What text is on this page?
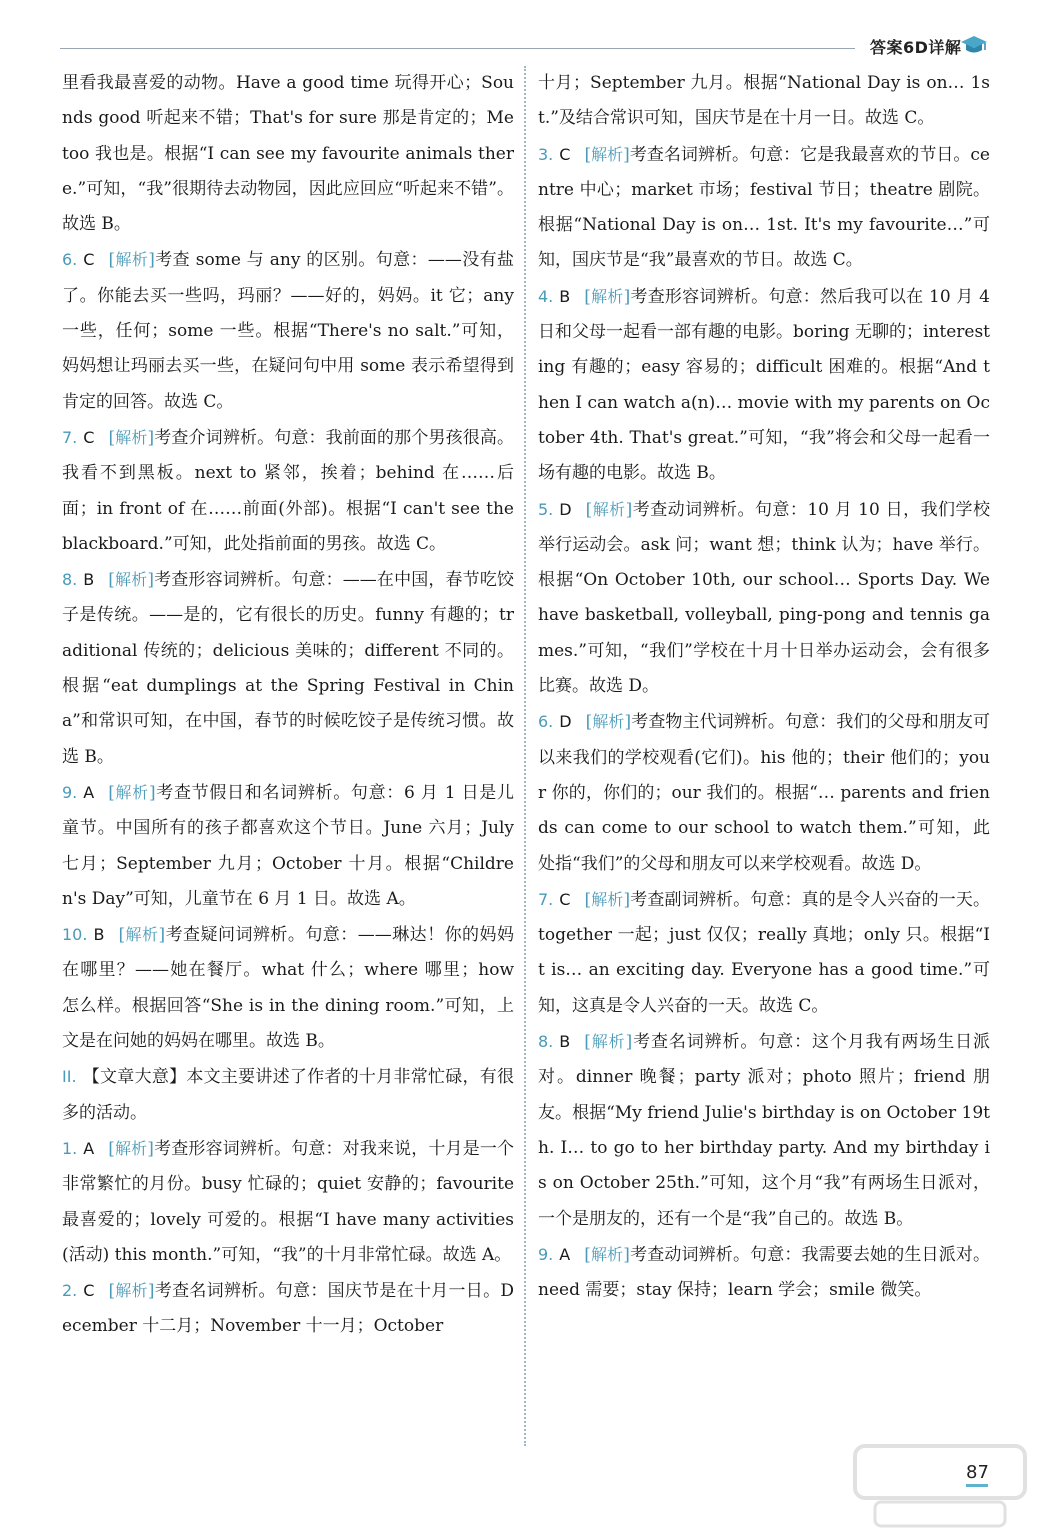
答案6D详解
里看我最喜爱的动物。Have a good time 玩得开心；Sounds good 听起来不错；That's for sure 那是肯定的；Me too 我也是。根据“I can see my favourite animals there.”可知，“我”很期待去动物园，因此应回应“听起来不错”。故选 B。
6. C [解析]考查 some 与 any 的区别。句意：——没有盐了。你能去买一些吗，玛丽？——好的，妈妈。it 它；any 一些，任何；some 一些。根据“There's no salt.”可知，妈妈想让玛丽去买一些，在疑问句中用 some 表示希望得到肯定的回答。故选 C。
7. C [解析]考查介词辨析。句意：我前面的那个男孩很高。我看不到黑板。next to 紧邻，挨着；behind 在……后面；in front of 在……前面(外部)。根据“I can't see the blackboard.”可知，此处指前面的男孩。故选 C。
8. B [解析]考查形容词辨析。句意：——在中国，春节吃饺子是传统。——是的，它有很长的历史。funny 有趣的；traditional 传统的；delicious 美味的；different 不同的。根据“eat dumplings at the Spring Festival in China”和常识可知，在中国，春节的时候吃饺子是传统习惯。故选 B。
9. A [解析]考查节假日和名词辨析。句意：6 月 1 日是儿童节。中国所有的孩子都喜欢这个节日。June 六月；July 七月；September 九月；October 十月。根据“Children's Day”可知，儿童节在 6 月 1 日。故选 A。
10. B [解析]考查疑问词辨析。句意：——琳达！你的妈妈在哪里？——她在餐厅。what 什么；where 哪里；how 怎么样。根据回答“She is in the dining room.”可知，上文是在问她的妈妈在哪里。故选 B。
II. 【文章大意】本文主要讲述了作者的十月非常忙碌，有很多的活动。
1. A [解析]考查形容词辨析。句意：对我来说，十月是一个非常繁忙的月份。busy 忙碌的；quiet 安静的；favourite 最喜爱的；lovely 可爱的。根据“I have many activities(活动) this month.”可知，“我”的十月非常忙碌。故选 A。
2. C [解析]考查名词辨析。句意：国庆节是在十月一日。December 十二月；November 十一月；October
十月；September 九月。根据“National Day is on… 1st.”及结合常识可知，国庆节是在十月一日。故选 C。
3. C [解析]考查名词辨析。句意：它是我最喜欢的节日。centre 中心；market 市场；festival 节日；theatre 剧院。根据“National Day is on… 1st. It's my favourite…”可知，国庆节是“我”最喜欢的节日。故选 C。
4. B [解析]考查形容词辨析。句意：然后我可以在 10 月 4 日和父母一起看一部有趣的电影。boring 无聊的；interesting 有趣的；easy 容易的；difficult 困难的。根据“And then I can watch a(n)… movie with my parents on October 4th. That's great.”可知，“我”将会和父母一起看一场有趣的电影。故选 B。
5. D [解析]考查动词辨析。句意：10 月 10 日，我们学校举行运动会。ask 问；want 想；think 认为；have 举行。根据“On October 10th, our school… Sports Day. We have basketball, volleyball, ping-pong and tennis games.”可知，“我们”学校在十月十日举办运动会，会有很多比赛。故选 D。
6. D [解析]考查物主代词辨析。句意：我们的父母和朋友可以来我们的学校观看(它们)。his 他的；their 他们的；your 你的，你们的；our 我们的。根据“… parents and friends can come to our school to watch them.”可知，此处指“我们”的父母和朋友可以来学校观看。故选 D。
7. C [解析]考查副词辨析。句意：真的是令人兴奋的一天。together 一起；just 仅仅；really 真地；only 只。根据“It is… an exciting day. Everyone has a good time.”可知，这真是令人兴奋的一天。故选 C。
8. B [解析]考查名词辨析。句意：这个月我有两场生日派对。dinner 晚餐；party 派对；photo 照片；friend 朋友。根据“My friend Julie's birthday is on October 19th. I… to go to her birthday party. And my birthday is on October 25th.”可知，这个月“我”有两场生日派对，一个是朋友的，还有一个是“我”自己的。故选 B。
9. A [解析]考查动词辨析。句意：我需要去她的生日派对。need 需要；stay 保持；learn 学会；smile 微笑。
87
